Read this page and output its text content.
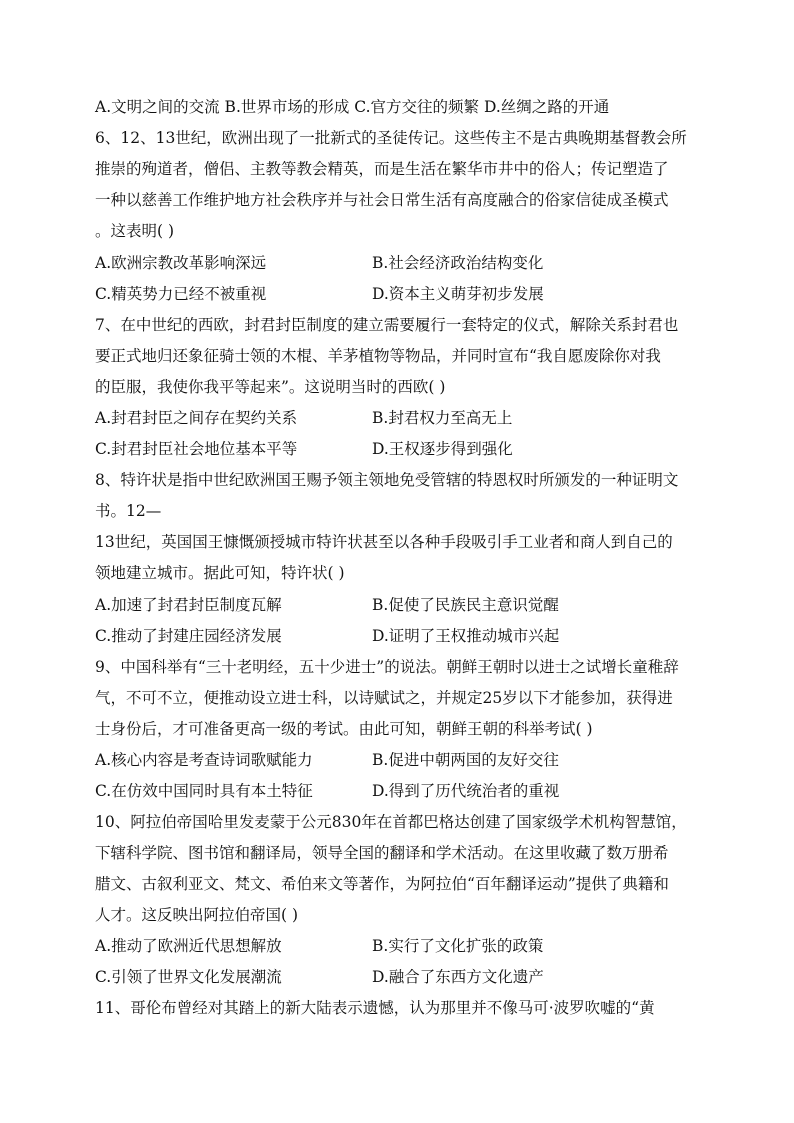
A.文明之间的交流 B.世界市场的形成 C.官方交往的频繁 D.丝绸之路的开通
6、12、13世纪，欧洲出现了一批新式的圣徒传记。这些传主不是古典晚期基督教会所
推崇的殉道者，僧侣、主教等教会精英，而是生活在繁华市井中的俗人；传记塑造了
一种以慈善工作维护地方社会秩序并与社会日常生活有高度融合的俗家信徒成圣模式
。这表明( )
A.欧洲宗教改革影响深远	B.社会经济政治结构变化
C.精英势力已经不被重视	D.资本主义萌芽初步发展
7、在中世纪的西欧，封君封臣制度的建立需要履行一套特定的仪式，解除关系封君也
要正式地归还象征骑士领的木棍、羊茅植物等物品，并同时宣布“我自愿废除你对我
的臣服，我使你我平等起来”。这说明当时的西欧( )
A.封君封臣之间存在契约关系	B.封君权力至高无上
C.封君封臣社会地位基本平等	D.王权逐步得到强化
8、特许状是指中世纪欧洲国王赐予领主领地免受管辖的特恩权时所颁发的一种证明文
书。12—
13世纪，英国国王慷慨颁授城市特许状甚至以各种手段吸引手工业者和商人到自己的
领地建立城市。据此可知，特许状( )
A.加速了封君封臣制度瓦解	B.促使了民族民主意识觉醒
C.推动了封建庄园经济发展	D.证明了王权推动城市兴起
9、中国科举有“三十老明经，五十少进士”的说法。朝鲜王朝时以进士之试增长童稚辞
气，不可不立，便推动设立进士科，以诗赋试之，并规定25岁以下才能参加，获得进
士身份后，才可准备更高一级的考试。由此可知，朝鲜王朝的科举考试( )
A.核心内容是考查诗词歌赋能力	B.促进中朝两国的友好交往
C.在仿效中国同时具有本土特征	D.得到了历代统治者的重视
10、阿拉伯帝国哈里发麦蒙于公元830年在首都巴格达创建了国家级学术机构智慧馆，
下辖科学院、图书馆和翻译局，领导全国的翻译和学术活动。在这里收藏了数万册希
腊文、古叙利亚文、梵文、希伯来文等著作，为阿拉伯“百年翻译运动”提供了典籍和
人才。这反映出阿拉伯帝国( )
A.推动了欧洲近代思想解放	B.实行了文化扩张的政策
C.引领了世界文化发展潮流	D.融合了东西方文化遗产
11、哥伦布曾经对其踏上的新大陆表示遗憾，认为那里并不像马可·波罗吹嘘的“黄
